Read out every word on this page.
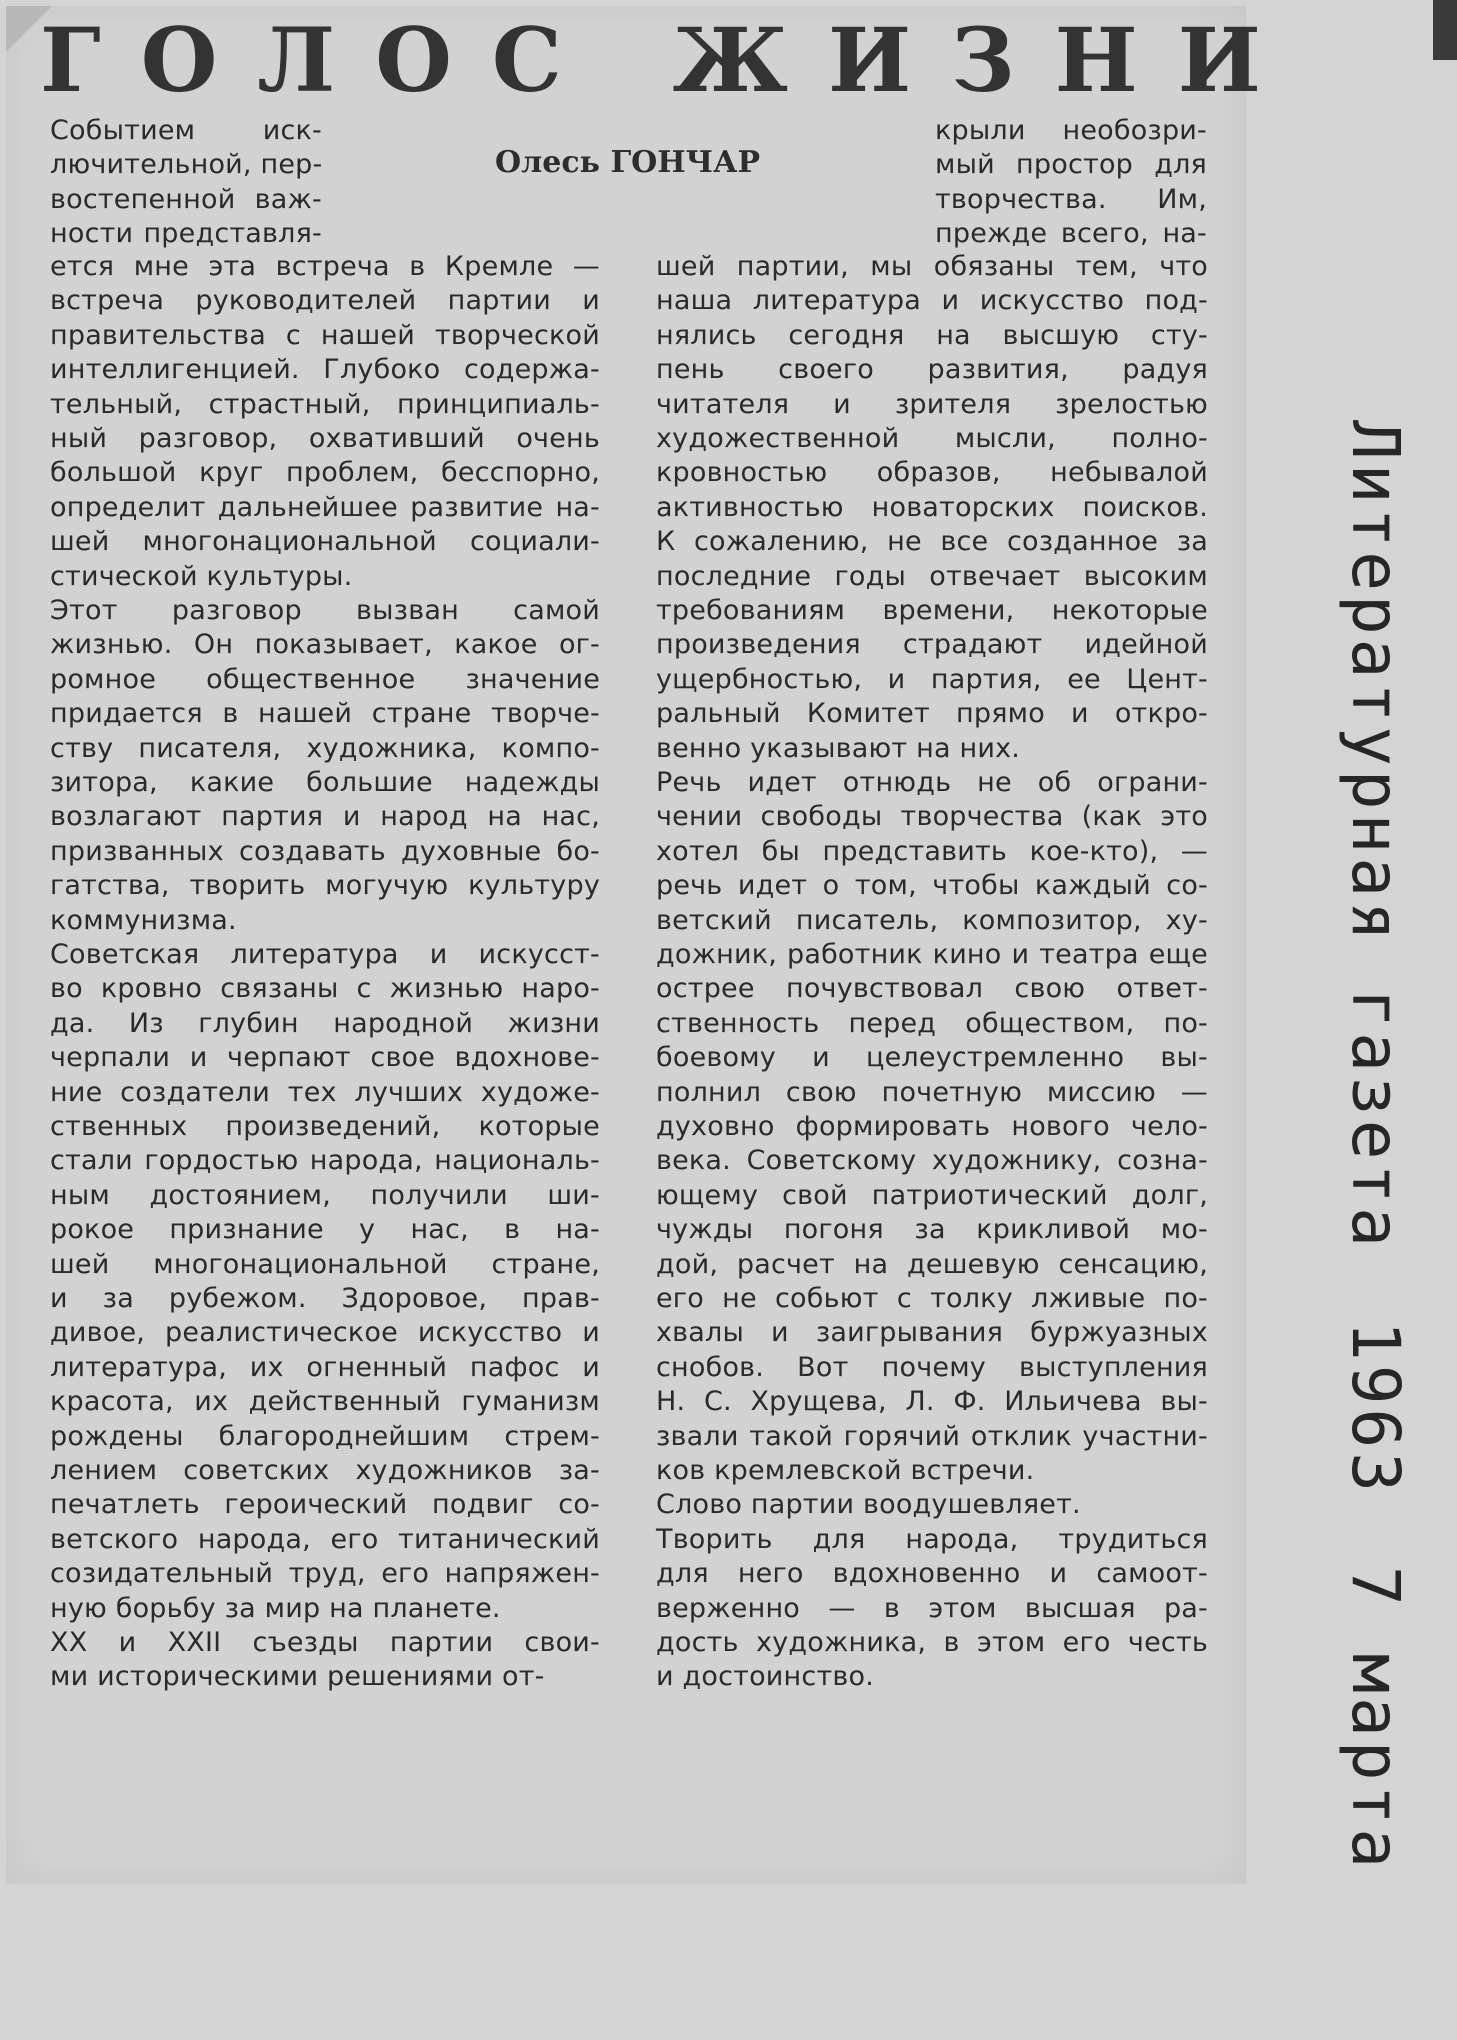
ГОЛОС ЖИЗНИ
Олесь ГОНЧАР
Событием иск-
лючительной, пер-
востепенной важ-
ности представля-
ется мне эта встреча в Кремле —
встреча руководителей партии и
правительства с нашей творческой
интеллигенцией. Глубоко содержа-
тельный, страстный, принципиаль-
ный разговор, охвативший очень
большой круг проблем, бесспорно,
определит дальнейшее развитие на-
шей многонациональной социали-
стической культуры.
Этот разговор вызван самой
жизнью. Он показывает, какое ог-
ромное общественное значение
придается в нашей стране творче-
ству писателя, художника, компо-
зитора, какие большие надежды
возлагают партия и народ на нас,
призванных создавать духовные бо-
гатства, творить могучую культуру
коммунизма.
Советская литература и искусст-
во кровно связаны с жизнью наро-
да. Из глубин народной жизни
черпали и черпают свое вдохнове-
ние создатели тех лучших художе-
ственных произведений, которые
стали гордостью народа, националь-
ным достоянием, получили ши-
рокое признание у нас, в на-
шей многонациональной стране,
и за рубежом. Здоровое, прав-
дивое, реалистическое искусство и
литература, их огненный пафос и
красота, их действенный гуманизм
рождены благороднейшим стрем-
лением советских художников за-
печатлеть героический подвиг со-
ветского народа, его титанический
созидательный труд, его напряжен-
ную борьбу за мир на планете.
XX и XXII съезды партии свои-
ми историческими решениями от-
крыли необозри-
мый простор для
творчества. Им,
прежде всего, на-
шей партии, мы обязаны тем, что
наша литература и искусство под-
нялись сегодня на высшую сту-
пень своего развития, радуя
читателя и зрителя зрелостью
художественной мысли, полно-
кровностью образов, небывалой
активностью новаторских поисков.
К сожалению, не все созданное за
последние годы отвечает высоким
требованиям времени, некоторые
произведения страдают идейной
ущербностью, и партия, ее Цент-
ральный Комитет прямо и откро-
венно указывают на них.
Речь идет отнюдь не об ограни-
чении свободы творчества (как это
хотел бы представить кое-кто), —
речь идет о том, чтобы каждый со-
ветский писатель, композитор, ху-
дожник, работник кино и театра еще
острее почувствовал свою ответ-
ственность перед обществом, по-
боевому и целеустремленно вы-
полнил свою почетную миссию —
духовно формировать нового чело-
века. Советскому художнику, созна-
ющему свой патриотический долг,
чужды погоня за крикливой мо-
дой, расчет на дешевую сенсацию,
его не собьют с толку лживые по-
хвалы и заигрывания буржуазных
снобов. Вот почему выступления
Н. С. Хрущева, Л. Ф. Ильичева вы-
звали такой горячий отклик участни-
ков кремлевской встречи.
Слово партии воодушевляет.
Творить для народа, трудиться
для него вдохновенно и самоот-
верженно — в этом высшая ра-
дость художника, в этом его честь
и достоинство.
Литературная газета19637 марта
